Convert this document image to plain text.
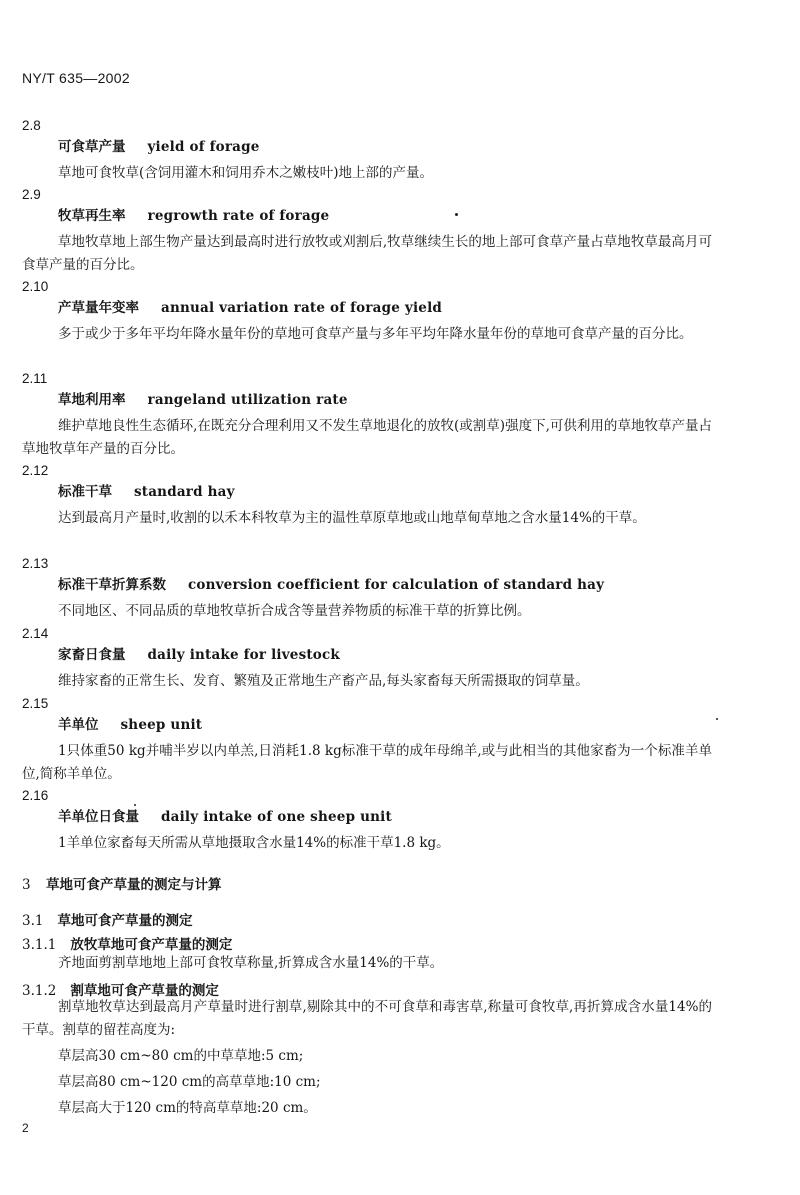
NY/T 635—2002
2.8
可食草产量 yield of forage
草地可食牧草(含饲用灌木和饲用乔木之嫩枝叶)地上部的产量。
2.9
牧草再生率 regrowth rate of forage
草地牧草地上部生物产量达到最高时进行放牧或刈割后,牧草继续生长的地上部可食草产量占草地牧草最高月可食草产量的百分比。
2.10
产草量年变率 annual variation rate of forage yield
多于或少于多年平均年降水量年份的草地可食草产量与多年平均年降水量年份的草地可食草产量的百分比。
2.11
草地利用率 rangeland utilization rate
维护草地良性生态循环,在既充分合理利用又不发生草地退化的放牧(或割草)强度下,可供利用的草地牧草产量占草地牧草年产量的百分比。
2.12
标准干草 standard hay
达到最高月产量时,收割的以禾本科牧草为主的温性草原草地或山地草甸草地之含水量14%的干草。
2.13
标准干草折算系数 conversion coefficient for calculation of standard hay
不同地区、不同品质的草地牧草折合成含等量营养物质的标准干草的折算比例。
2.14
家畜日食量 daily intake for livestock
维持家畜的正常生长、发育、繁殖及正常地生产畜产品,每头家畜每天所需摄取的饲草量。
2.15
羊单位 sheep unit
1只体重50 kg并哺半岁以内单羔,日消耗1.8 kg标准干草的成年母绵羊,或与此相当的其他家畜为一个标准羊单位,简称羊单位。
2.16
羊单位日食量 daily intake of one sheep unit
1羊单位家畜每天所需从草地摄取含水量14%的标准干草1.8 kg。
3 草地可食产草量的测定与计算
3.1 草地可食产草量的测定
3.1.1 放牧草地可食产草量的测定
齐地面剪割草地地上部可食牧草称量,折算成含水量14%的干草。
3.1.2 割草地可食产草量的测定
割草地牧草达到最高月产草量时进行割草,剔除其中的不可食草和毒害草,称量可食牧草,再折算成含水量14%的干草。割草的留茬高度为:
草层高30 cm~80 cm的中草草地:5 cm;
草层高80 cm~120 cm的高草草地:10 cm;
草层高大于120 cm的特高草草地:20 cm。
2
